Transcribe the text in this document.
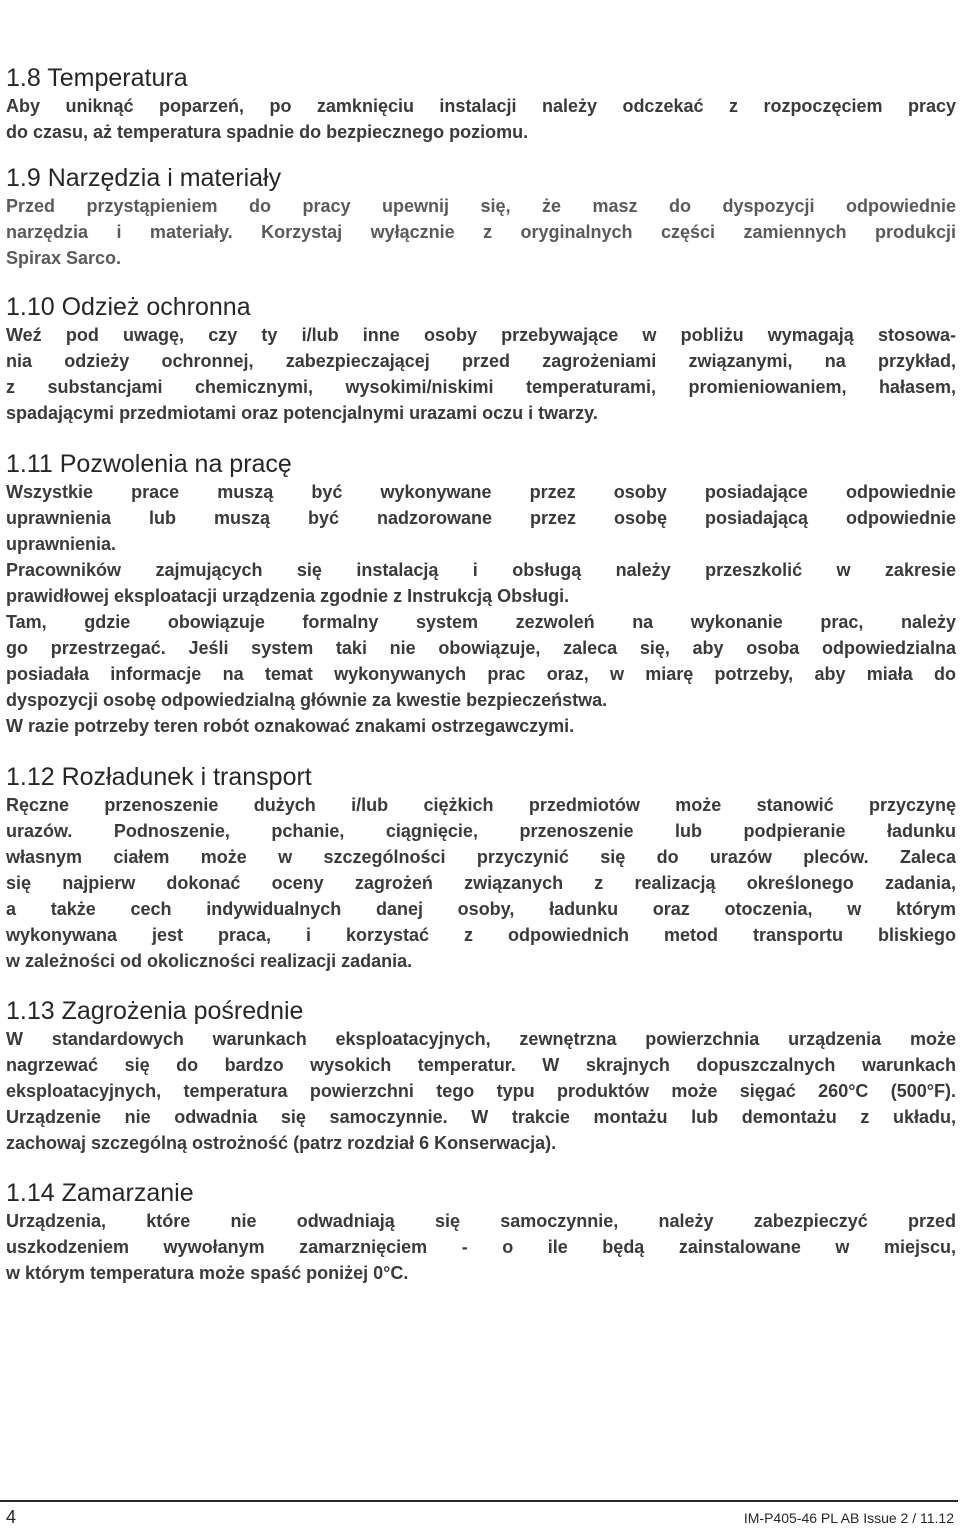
1.8 Temperatura
Aby uniknąć poparzeń, po zamknięciu instalacji należy odczekać z rozpoczęciem pracy
do czasu, aż temperatura spadnie do bezpiecznego poziomu.
1.9 Narzędzia i materiały
Przed przystąpieniem do pracy upewnij się, że masz do dyspozycji odpowiednie
narzędzia i materiały. Korzystaj wyłącznie z oryginalnych części zamiennych produkcji
Spirax Sarco.
1.10 Odzież ochronna
Weź pod uwagę, czy ty i/lub inne osoby przebywające w pobliżu wymagają stosowa-
nia odzieży ochronnej, zabezpieczającej przed zagrożeniami związanymi, na przykład,
z substancjami chemicznymi, wysokimi/niskimi temperaturami, promieniowaniem, hałasem,
spadającymi przedmiotami oraz potencjalnymi urazami oczu i twarzy.
1.11 Pozwolenia na pracę
Wszystkie prace muszą być wykonywane przez osoby posiadające odpowiednie
uprawnienia lub muszą być nadzorowane przez osobę posiadającą odpowiednie
uprawnienia.
Pracowników zajmujących się instalacją i obsługą należy przeszkolić w zakresie
prawidłowej eksploatacji urządzenia zgodnie z Instrukcją Obsługi.
Tam, gdzie obowiązuje formalny system zezwoleń na wykonanie prac, należy
go przestrzegać. Jeśli system taki nie obowiązuje, zaleca się, aby osoba odpowiedzialna
posiadała informacje na temat wykonywanych prac oraz, w miarę potrzeby, aby miała do
dyspozycji osobę odpowiedzialną głównie za kwestie bezpieczeństwa.
W razie potrzeby teren robót oznakować znakami ostrzegawczymi.
1.12 Rozładunek i transport
Ręczne przenoszenie dużych i/lub ciężkich przedmiotów może stanowić przyczynę
urazów. Podnoszenie, pchanie, ciągnięcie, przenoszenie lub podpieranie ładunku
własnym ciałem może w szczególności przyczynić się do urazów pleców. Zaleca
się najpierw dokonać oceny zagrożeń związanych z realizacją określonego zadania,
a także cech indywidualnych danej osoby, ładunku oraz otoczenia, w którym
wykonywana jest praca, i korzystać z odpowiednich metod transportu bliskiego
w zależności od okoliczności realizacji zadania.
1.13 Zagrożenia pośrednie
W standardowych warunkach eksploatacyjnych, zewnętrzna powierzchnia urządzenia może
nagrzewać się do bardzo wysokich temperatur. W skrajnych dopuszczalnych warunkach
eksploatacyjnych, temperatura powierzchni tego typu produktów może sięgać 260°C (500°F).
Urządzenie nie odwadnia się samoczynnie. W trakcie montażu lub demontażu z układu,
zachowaj szczególną ostrożność (patrz rozdział 6 Konserwacja).
1.14 Zamarzanie
Urządzenia, które nie odwadniają się samoczynnie, należy zabezpieczyć przed
uszkodzeniem wywołanym zamarznięciem - o ile będą zainstalowane w miejscu,
w którym temperatura może spaść poniżej 0°C.
4	IM-P405-46 PL AB Issue 2 / 11.12
